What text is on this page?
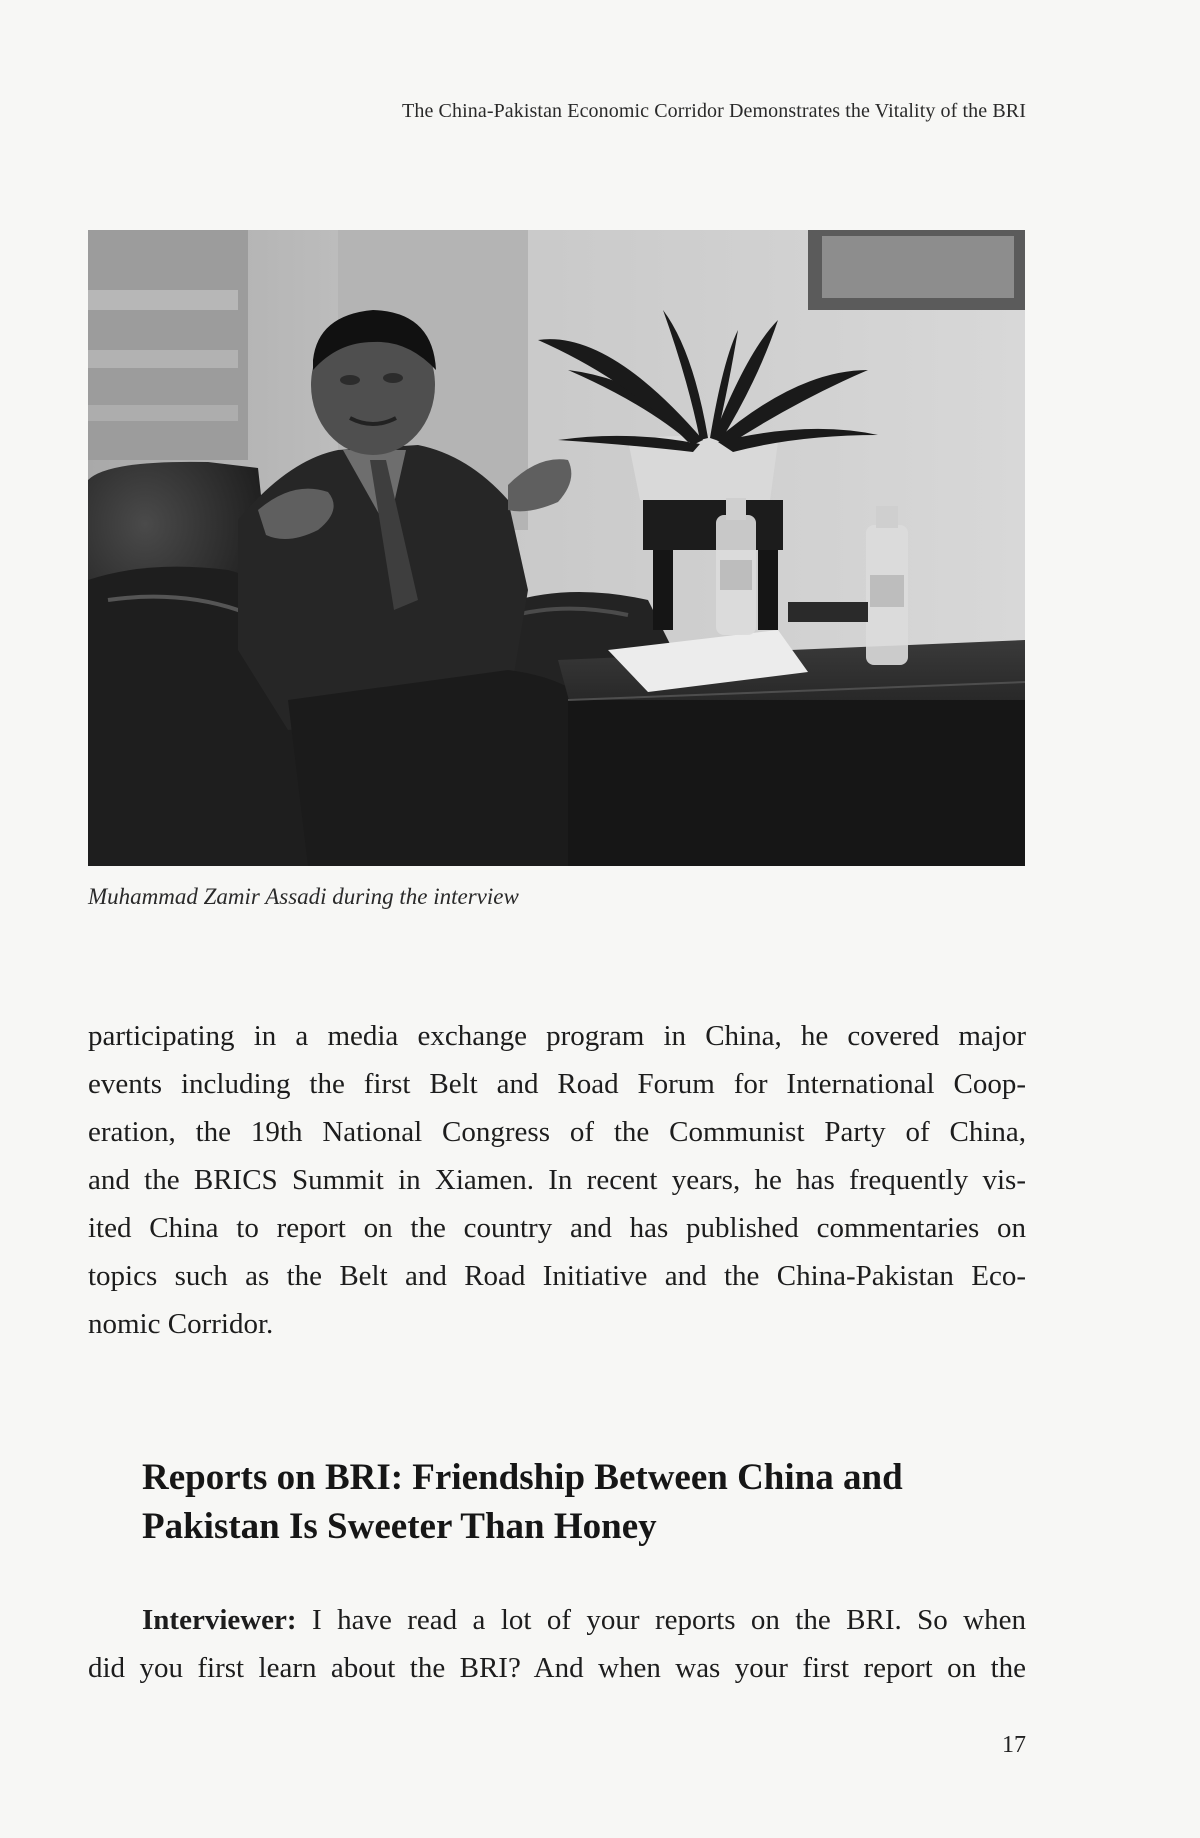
The China-Pakistan Economic Corridor Demonstrates the Vitality of the BRI
Muhammad Zamir Assadi during the interview
participating in a media exchange program in China, he covered major
events including the first Belt and Road Forum for International Coop-
eration, the 19th National Congress of the Communist Party of China,
and the BRICS Summit in Xiamen. In recent years, he has frequently vis-
ited China to report on the country and has published commentaries on
topics such as the Belt and Road Initiative and the China-Pakistan Eco-
nomic Corridor.
Reports on BRI: Friendship Between China and
Pakistan Is Sweeter Than Honey
Interviewer: I have read a lot of your reports on the BRI. So when
did you first learn about the BRI? And when was your first report on the
17
